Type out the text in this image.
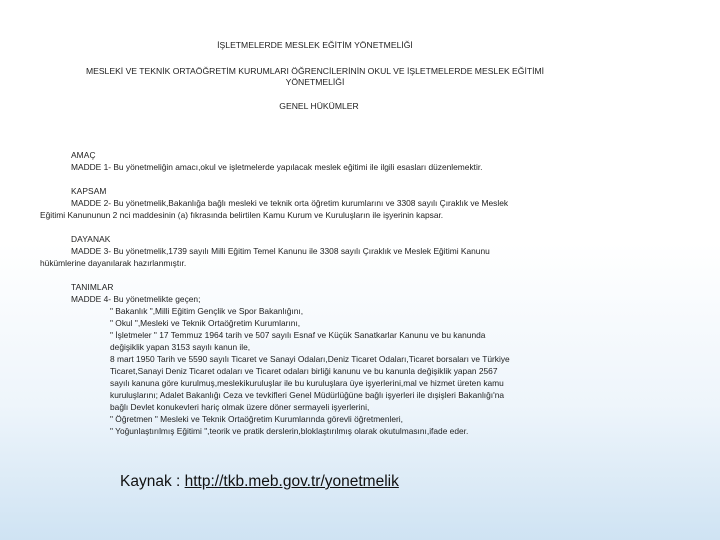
İŞLETMELERDE MESLEK EĞİTİM YÖNETMELİĞİ
MESLEKİ VE TEKNİK ORTAÖĞRETİM KURUMLARI ÖĞRENCİLERİNİN OKUL VE İŞLETMELERDE MESLEK EĞİTİMİ
YÖNETMELİĞİ
GENEL HÜKÜMLER
AMAÇ
MADDE 1- Bu yönetmeliğin amacı,okul ve işletmelerde yapılacak meslek eğitimi ile ilgili esasları düzenlemektir.
KAPSAM
MADDE 2- Bu yönetmelik,Bakanlığa bağlı mesleki ve teknik orta öğretim kurumlarını ve 3308 sayılı Çıraklık ve Meslek
Eğitimi Kanununun 2 nci maddesinin (a) fıkrasında belirtilen Kamu Kurum ve Kuruluşların ile işyerinin kapsar.
DAYANAK
MADDE 3- Bu yönetmelik,1739 sayılı Milli Eğitim Temel Kanunu ile 3308 sayılı Çıraklık ve Meslek Eğitimi Kanunu
hükümlerine dayanılarak hazırlanmıştır.
TANIMLAR
MADDE 4- Bu yönetmelikte geçen;
" Bakanlık ",Milli Eğitim Gençlik ve Spor Bakanlığını,
" Okul ",Mesleki ve Teknik Ortaöğretim Kurumlarını,
" İşletmeler " 17 Temmuz 1964 tarih ve 507 sayılı Esnaf ve Küçük Sanatkarlar Kanunu ve bu kanunda
değişiklik yapan 3153 sayılı kanun ile,
8 mart 1950 Tarih ve 5590 sayılı Ticaret ve Sanayi Odaları,Deniz Ticaret Odaları,Ticaret borsaları ve Türkiye
Ticaret,Sanayi Deniz Ticaret odaları ve Ticaret odaları birliği kanunu ve bu kanunla değişiklik yapan 2567
sayılı kanuna göre kurulmuş,meslekikuruluşlar ile bu kuruluşlara üye işyerlerini,mal ve hizmet üreten kamu
kuruluşlarını; Adalet Bakanlığı Ceza ve tevkifleri Genel Müdürlüğüne bağlı işyerleri ile dışişleri Bakanlığı'na
bağlı Devlet konukevleri hariç olmak üzere döner sermayeli işyerlerini,
" Öğretmen " Mesleki ve Teknik Ortaöğretim Kurumlarında görevli öğretmenleri,
" Yoğunlaştırılmış Eğitimi ",teorik ve pratik derslerin,bloklaştırılmış olarak okutulmasını,ifade eder.
Kaynak : http://tkb.meb.gov.tr/yonetmelik
